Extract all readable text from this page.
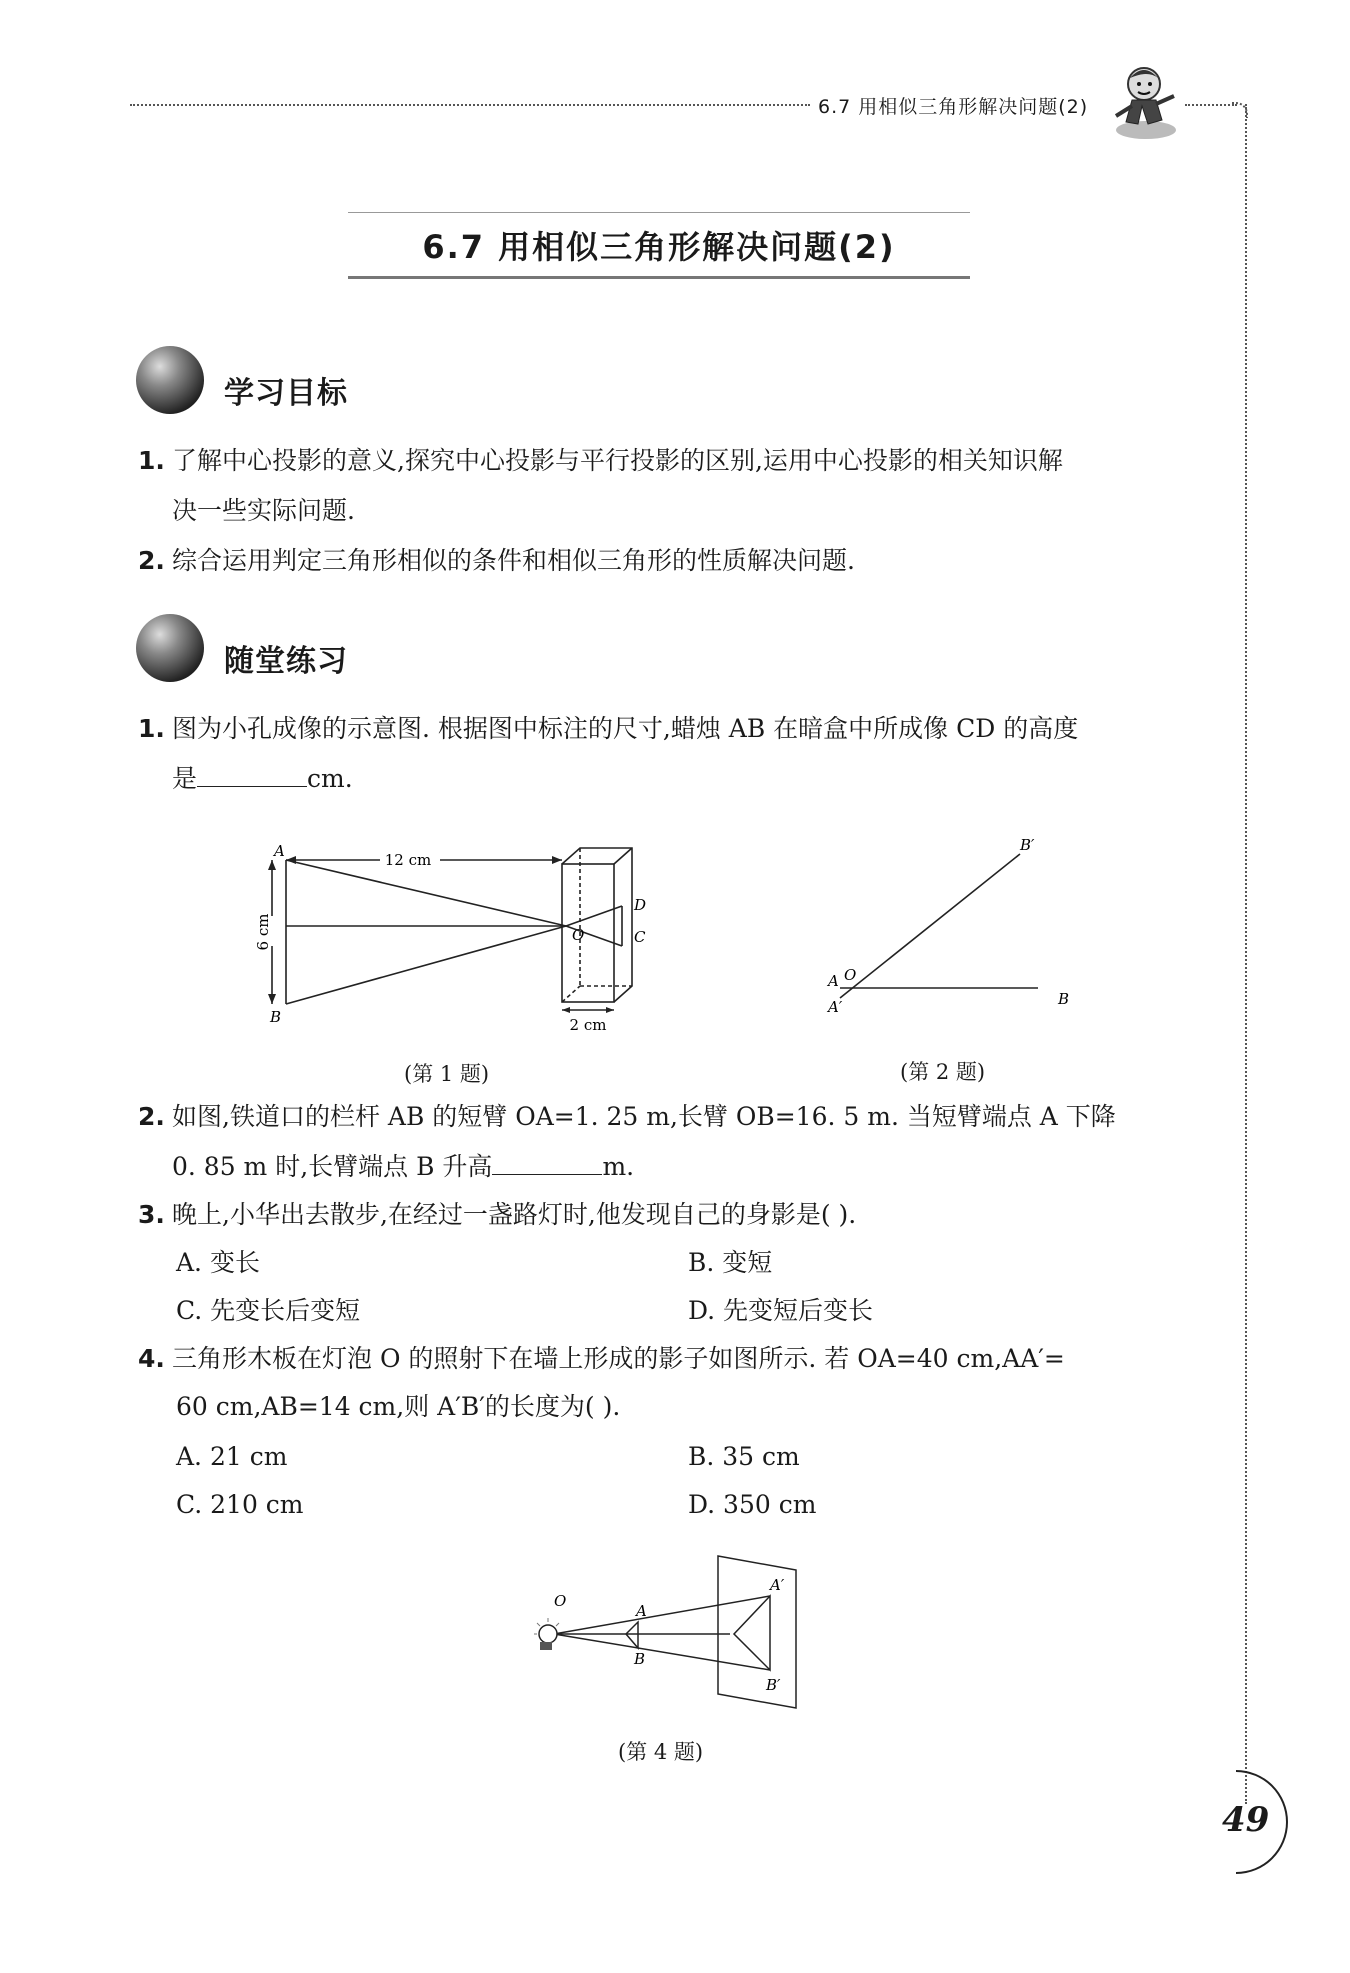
6.7 用相似三角形解决问题(2)
6.7 用相似三角形解决问题(2)
学习目标
1. 了解中心投影的意义,探究中心投影与平行投影的区别,运用中心投影的相关知识解
决一些实际问题.
2. 综合运用判定三角形相似的条件和相似三角形的性质解决问题.
随堂练习
1. 图为小孔成像的示意图. 根据图中标注的尺寸,蜡烛 AB 在暗盒中所成像 CD 的高度
是	cm.
A
B
C
D
O
12 cm
6 cm
2 cm
(第 1 题)
B′
A O
A′	B
(第 2 题)
2. 如图,铁道口的栏杆 AB 的短臂 OA=1. 25 m,长臂 OB=16. 5 m. 当短臂端点 A 下降
0. 85 m 时,长臂端点 B 升高	m.
3. 晚上,小华出去散步,在经过一盏路灯时,他发现自己的身影是( ).
A. 变长	B. 变短
C. 先变长后变短	D. 先变短后变长
4. 三角形木板在灯泡 O 的照射下在墙上形成的影子如图所示. 若 OA=40 cm,AA′=
60 cm,AB=14 cm,则 A′B′的长度为( ).
A. 21 cm	B. 35 cm
C. 210 cm	D. 350 cm
O
A
B
A′
B′
(第 4 题)
49
